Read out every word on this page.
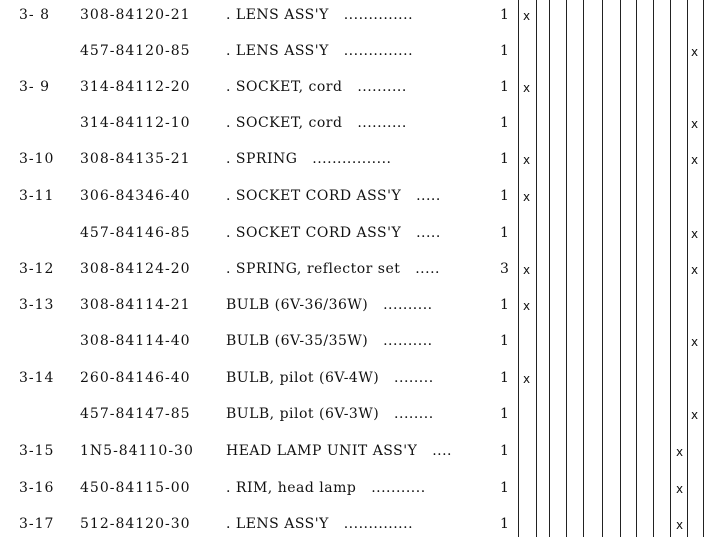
3- 8 308-84120-21	. LENS ASS'Y ..............	1 x
457-84120-85	. LENS ASS'Y ..............	1	x
3- 9 314-84112-20	. SOCKET, cord ..........	1 x
314-84112-10	. SOCKET, cord ..........	1	x
3-10 308-84135-21	. SPRING ................	1 x	x
3-11 306-84346-40	. SOCKET CORD ASS'Y .....	1 x
457-84146-85	. SOCKET CORD ASS'Y .....	1	x
3-12 308-84124-20	. SPRING, reflector set .....	3 x	x
3-13 308-84114-21	BULB (6V-36/36W) ..........	1 x
308-84114-40	BULB (6V-35/35W) ..........	1	x
3-14 260-84146-40	BULB, pilot (6V-4W) ........	1 x
457-84147-85	BULB, pilot (6V-3W) ........	1	x
3-15 1N5-84110-30 HEAD LAMP UNIT ASS'Y ....	1	x
3-16 450-84115-00	. RIM, head lamp ...........	1	x
3-17 512-84120-30	. LENS ASS'Y ..............	1	x
